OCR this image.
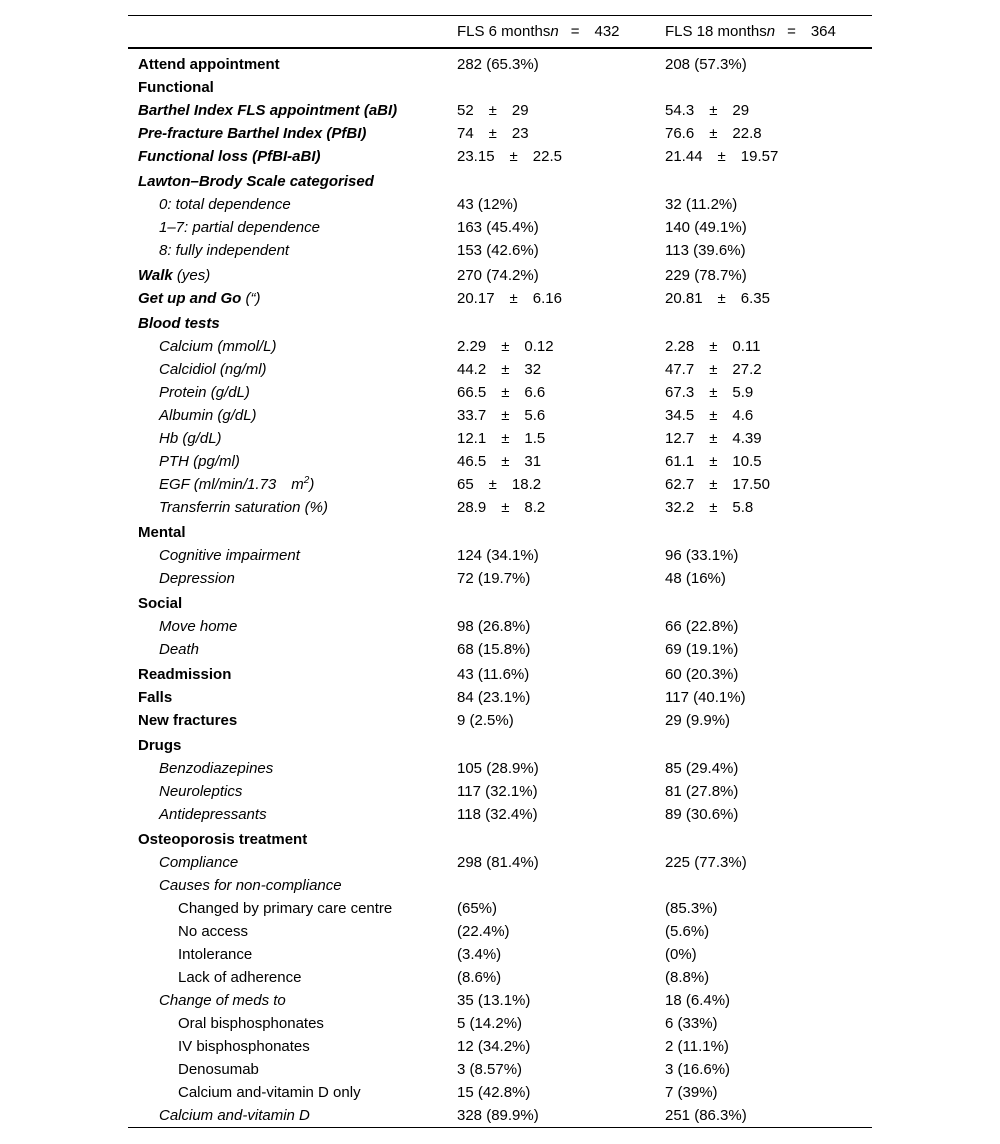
	FLS 6 monthsn = 432	FLS 18 monthsn = 364
Attend appointment	282 (65.3%)	208 (57.3%)
Functional		
Barthel Index FLS appointment (aBI)	52 ± 29	54.3 ± 29
Pre-fracture Barthel Index (PfBI)	74 ± 23	76.6 ± 22.8
Functional loss (PfBI-aBI)	23.15 ± 22.5	21.44 ± 19.57
Lawton–Brody Scale categorised		
0: total dependence	43 (12%)	32 (11.2%)
1–7: partial dependence	163 (45.4%)	140 (49.1%)
8: fully independent	153 (42.6%)	113 (39.6%)
Walk (yes)	270 (74.2%)	229 (78.7%)
Get up and Go (“)	20.17 ± 6.16	20.81 ± 6.35
Blood tests		
Calcium (mmol/L)	2.29 ± 0.12	2.28 ± 0.11
Calcidiol (ng/ml)	44.2 ± 32	47.7 ± 27.2
Protein (g/dL)	66.5 ± 6.6	67.3 ± 5.9
Albumin (g/dL)	33.7 ± 5.6	34.5 ± 4.6
Hb (g/dL)	12.1 ± 1.5	12.7 ± 4.39
PTH (pg/ml)	46.5 ± 31	61.1 ± 10.5
EGF (ml/min/1.73 $m^2$)	65 ± 18.2	62.7 ± 17.50
Transferrin saturation (%)	28.9 ± 8.2	32.2 ± 5.8
Mental		
Cognitive impairment	124 (34.1%)	96 (33.1%)
Depression	72 (19.7%)	48 (16%)
Social		
Move home	98 (26.8%)	66 (22.8%)
Death	68 (15.8%)	69 (19.1%)
Readmission	43 (11.6%)	60 (20.3%)
Falls	84 (23.1%)	117 (40.1%)
New fractures	9 (2.5%)	29 (9.9%)
Drugs		
Benzodiazepines	105 (28.9%)	85 (29.4%)
Neuroleptics	117 (32.1%)	81 (27.8%)
Antidepressants	118 (32.4%)	89 (30.6%)
Osteoporosis treatment		
Compliance	298 (81.4%)	225 (77.3%)
Causes for non-compliance		
Changed by primary care centre	(65%)	(85.3%)
No access	(22.4%)	(5.6%)
Intolerance	(3.4%)	(0%)
Lack of adherence	(8.6%)	(8.8%)
Change of meds to	35 (13.1%)	18 (6.4%)
Oral bisphosphonates	5 (14.2%)	6 (33%)
IV bisphosphonates	12 (34.2%)	2 (11.1%)
Denosumab	3 (8.57%)	3 (16.6%)
Calcium and-vitamin D only	15 (42.8%)	7 (39%)
Calcium and-vitamin D	328 (89.9%)	251 (86.3%)
